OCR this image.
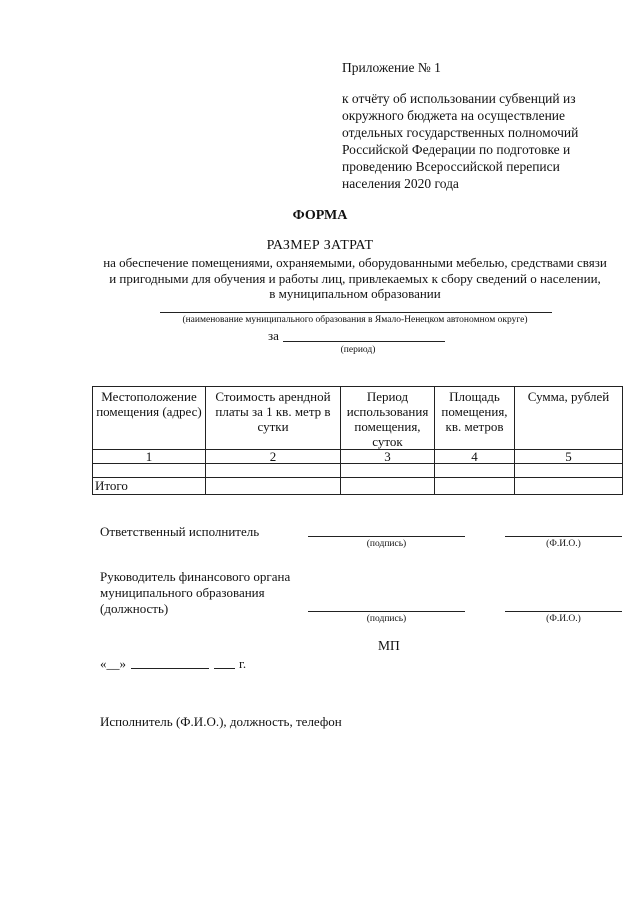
Приложение № 1
к отчёту об использовании субвенций из
окружного бюджета на осуществление
отдельных государственных полномочий
Российской Федерации по подготовке и
проведению Всероссийской переписи
населения 2020 года
ФОРМА
РАЗМЕР ЗАТРАТ
на обеспечение помещениями, охраняемыми, оборудованными мебелью, средствами связи
и пригодными для обучения и работы лиц, привлекаемых к сбору сведений о населении,
в муниципальном образовании
(наименование муниципального образования в Ямало-Ненецком автономном округе)
за
(период)
Местоположение помещения (адрес)	Стоимость арендной платы за 1 кв. метр в сутки	Период использования помещения, суток	Площадь помещения, кв. метров	Сумма, рублей
1	2	3	4	5

Итого				
Ответственный исполнитель
(подпись)	(Ф.И.О.)
Руководитель финансового органа
муниципального образования
(должность)
(подпись)	(Ф.И.О.)
МП
«__»	г.
Исполнитель (Ф.И.О.), должность, телефон
